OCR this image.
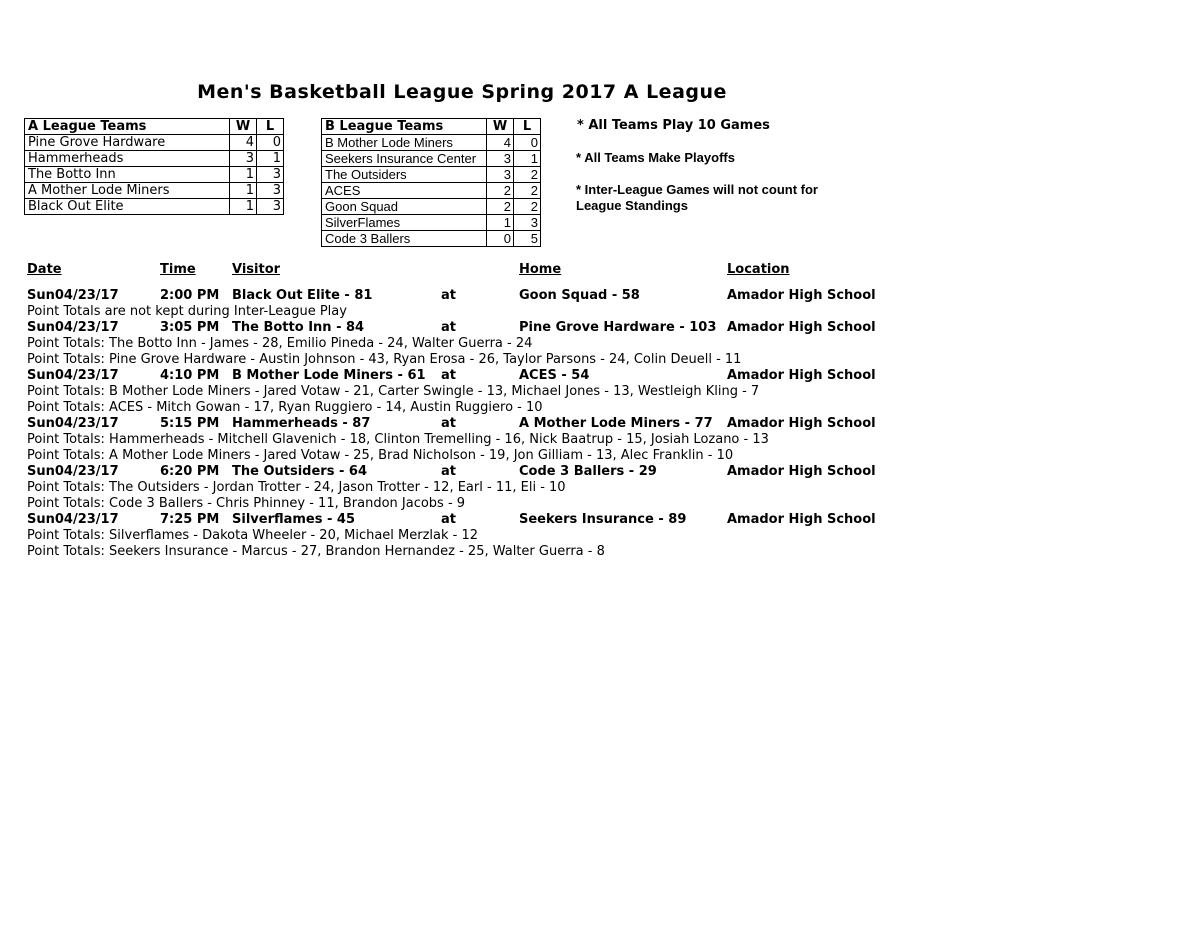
Men's Basketball League Spring 2017 A League
A League Teams	W	L
Pine Grove Hardware	4	0
Hammerheads	3	1
The Botto Inn	1	3
A Mother Lode Miners	1	3
Black Out Elite	1	3
B League Teams	W	L
B Mother Lode Miners	4	0
Seekers Insurance Center	3	1
The Outsiders	3	2
ACES	2	2
Goon Squad	2	2
SilverFlames	1	3
Code 3 Ballers	0	5
* All Teams Play 10 Games
* All Teams Make Playoffs
* Inter-League Games will not count for
League Standings
Date	Time	Visitor	Home	Location
Sun04/23/17	2:00 PM Black Out Elite - 81	at	Goon Squad - 58	Amador High School
Point Totals are not kept during Inter-League Play
Sun04/23/17	3:05 PM The Botto Inn - 84	at	Pine Grove Hardware - 103 Amador High School
Point Totals: The Botto Inn - James - 28, Emilio Pineda - 24, Walter Guerra - 24
Point Totals: Pine Grove Hardware - Austin Johnson - 43, Ryan Erosa - 26, Taylor Parsons - 24, Colin Deuell - 11
Sun04/23/17	4:10 PM B Mother Lode Miners - 61 at	ACES - 54	Amador High School
Point Totals: B Mother Lode Miners - Jared Votaw - 21, Carter Swingle - 13, Michael Jones - 13, Westleigh Kling - 7
Point Totals: ACES - Mitch Gowan - 17, Ryan Ruggiero - 14, Austin Ruggiero - 10
Sun04/23/17	5:15 PM Hammerheads - 87	at	A Mother Lode Miners - 77 Amador High School
Point Totals: Hammerheads - Mitchell Glavenich - 18, Clinton Tremelling - 16, Nick Baatrup - 15, Josiah Lozano - 13
Point Totals: A Mother Lode Miners - Jared Votaw - 25, Brad Nicholson - 19, Jon Gilliam - 13, Alec Franklin - 10
Sun04/23/17	6:20 PM The Outsiders - 64	at	Code 3 Ballers - 29	Amador High School
Point Totals: The Outsiders - Jordan Trotter - 24, Jason Trotter - 12, Earl - 11, Eli - 10
Point Totals: Code 3 Ballers - Chris Phinney - 11, Brandon Jacobs - 9
Sun04/23/17	7:25 PM Silverflames - 45	at	Seekers Insurance - 89	Amador High School
Point Totals: Silverflames - Dakota Wheeler - 20, Michael Merzlak - 12
Point Totals: Seekers Insurance - Marcus - 27, Brandon Hernandez - 25, Walter Guerra - 8
